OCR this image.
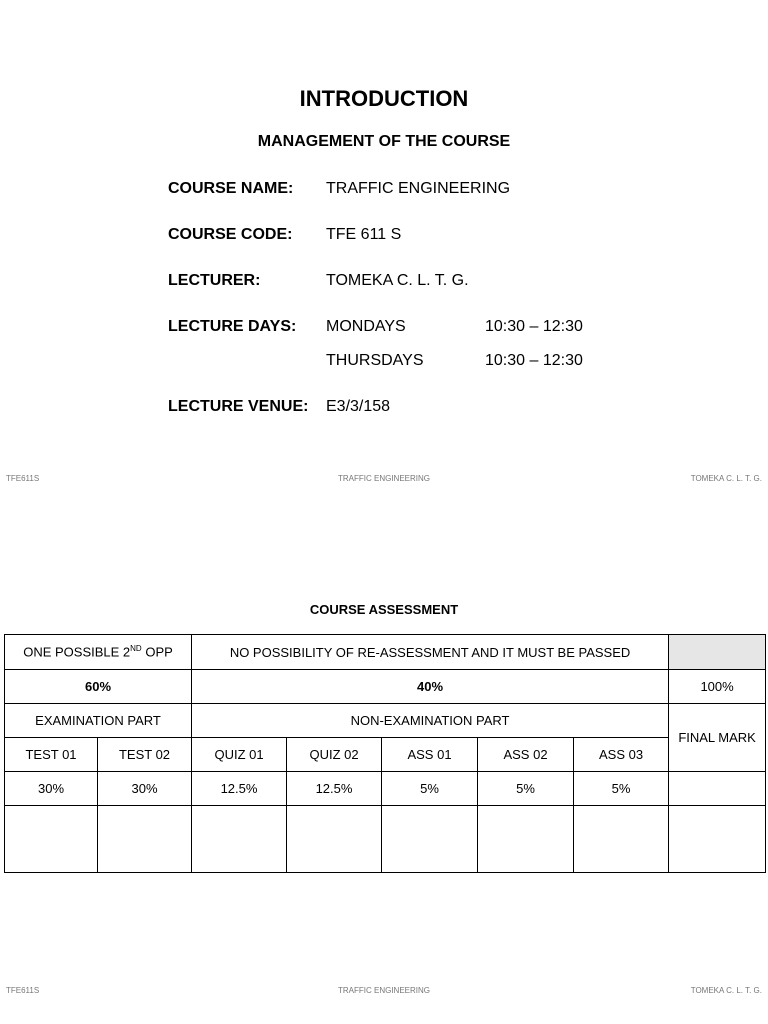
INTRODUCTION
MANAGEMENT OF THE COURSE
COURSE NAME: TRAFFIC ENGINEERING
COURSE CODE: TFE 611 S
LECTURER:	TOMEKA C. L. T. G.
LECTURE DAYS: MONDAYS	10:30 – 12:30
THURSDAYS	10:30 – 12:30
LECTURE VENUE: E3/3/158
TFE611S	TRAFFIC ENGINEERING	TOMEKA C. L. T. G.
COURSE ASSESSMENT
ONE POSSIBLE 2ND OPP		NO POSSIBILITY OF RE-ASSESSMENT AND IT MUST BE PASSED					
60%		40%					100%
EXAMINATION PART		NON-EXAMINATION PART					FINAL MARK
TEST 01	TEST 02	QUIZ 01	QUIZ 02	ASS 01	ASS 02	ASS 03	
30%	30%	12.5%	12.5%	5%	5%	5%	

TFE611S	TRAFFIC ENGINEERING	TOMEKA C. L. T. G.
